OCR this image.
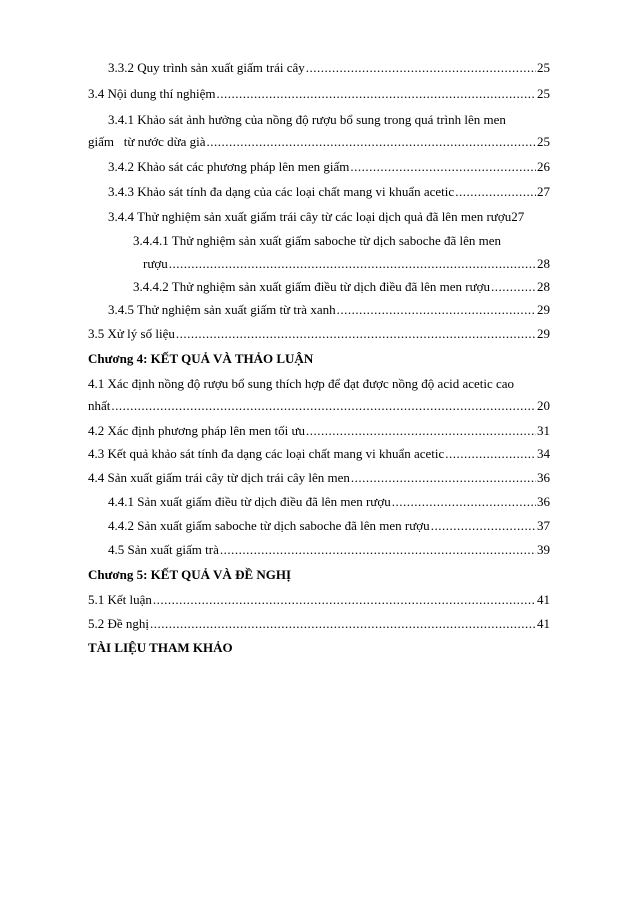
3.3.2 Quy trình sản xuất giấm trái cây .....	25
3.4 Nội dung thí nghiệm .....	25
3.4.1 Khảo sát ảnh hưởng của nồng độ rượu bổ sung trong quá trình lên men
giấm   từ nước dừa già .....	25
3.4.2 Khảo sát các phương pháp lên men giấm .....	26
3.4.3 Khảo sát tính đa dạng của các loại chất mang vi khuẩn acetic .....	27
3.4.4 Thử nghiệm sản xuất giấm trái cây từ các loại dịch quả đã lên men rượu 27
3.4.4.1 Thử nghiệm sản xuất giấm saboche từ dịch saboche đã lên men
rượu .....	28
3.4.4.2 Thử nghiệm sản xuất giấm điều từ dịch điều đã lên men rượu .....	28
3.4.5 Thử nghiệm sản xuất giấm từ trà xanh .....	29
3.5 Xử lý số liệu .....	29
Chương 4: KẾT QUẢ VÀ THẢO LUẬN
4.1 Xác định nồng độ rượu bổ sung thích hợp để đạt được nồng độ acid acetic cao
nhất .....	20
4.2 Xác định phương pháp lên men tối ưu .....	31
4.3 Kết quả khảo sát tính đa dạng các loại chất mang vi khuẩn acetic .....	34
4.4 Sản xuất giấm trái cây từ dịch trái cây lên men .....	36
4.4.1 Sản xuất giấm điều từ dịch điều đã lên men rượu .....	36
4.4.2 Sản xuất giấm saboche từ dịch saboche đã lên men rượu .....	37
4.5 Sản xuất giấm trà .....	39
Chương 5: KẾT QUẢ VÀ ĐỀ NGHỊ
5.1 Kết luận .....	41
5.2 Đề nghị .....	41
TÀI LIỆU THAM KHẢO
